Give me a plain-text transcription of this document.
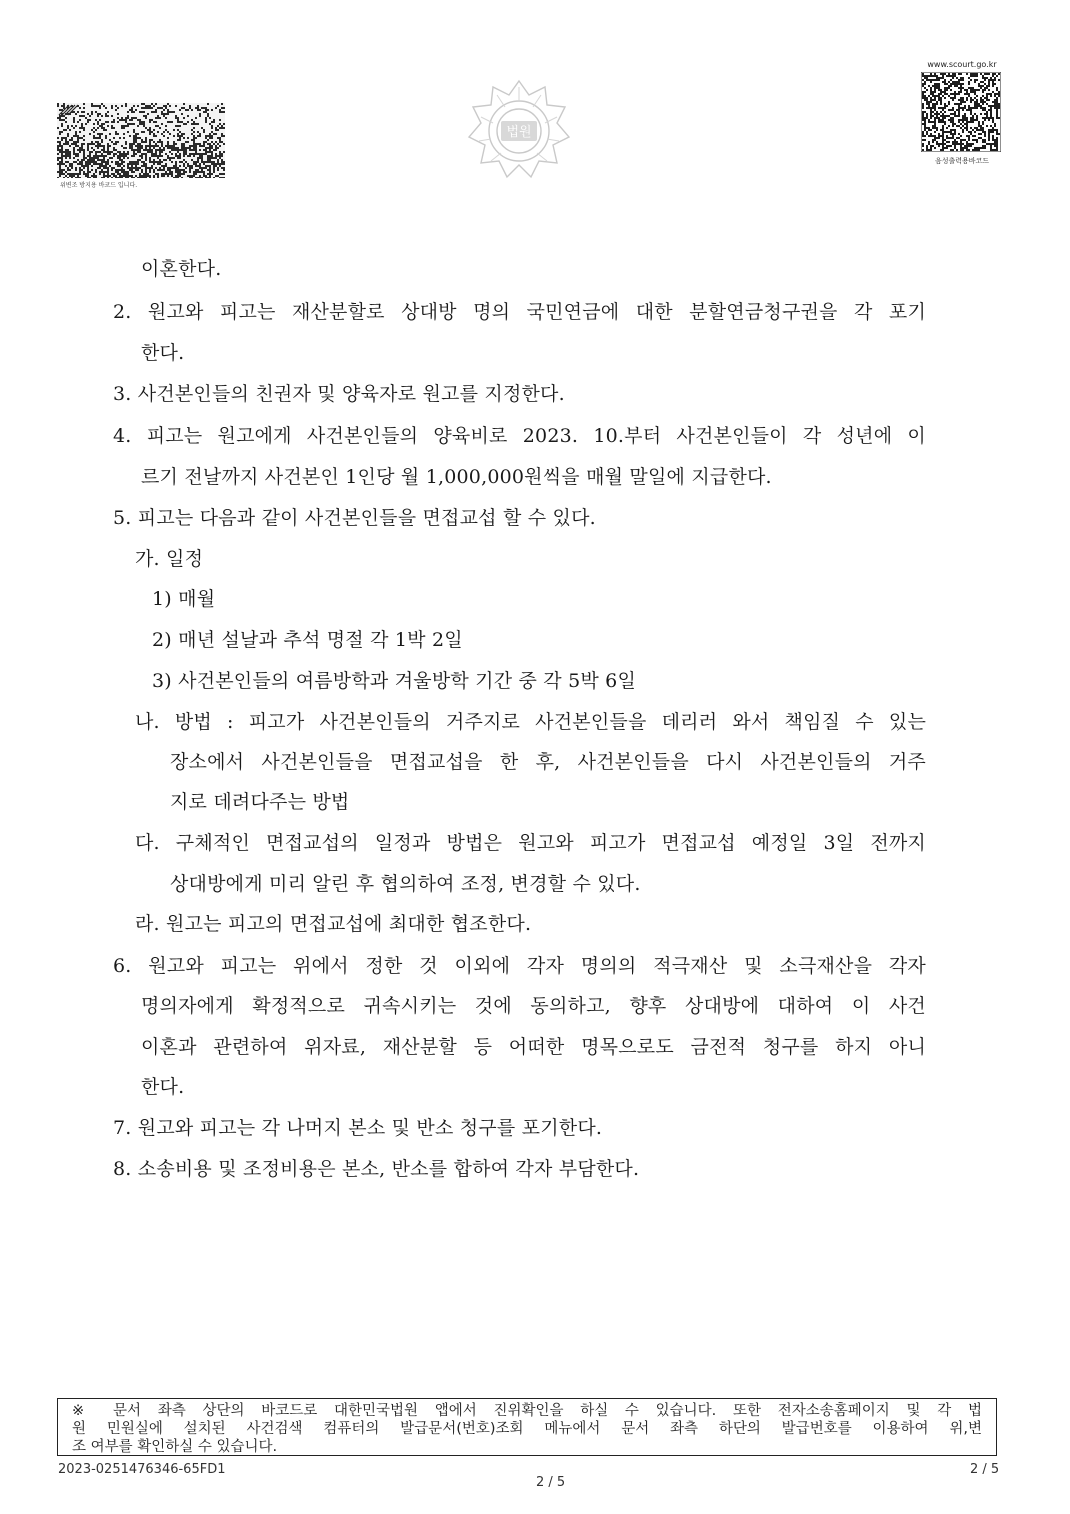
위변조 방지용 바코드 입니다.
법원
www.scourt.go.kr
음성출력용바코드
이혼한다.
2. 원고와 피고는 재산분할로 상대방 명의 국민연금에 대한 분할연금청구권을 각 포기
한다.
3. 사건본인들의 친권자 및 양육자로 원고를 지정한다.
4. 피고는 원고에게 사건본인들의 양육비로 2023. 10.부터 사건본인들이 각 성년에 이
르기 전날까지 사건본인 1인당 월 1,000,000원씩을 매월 말일에 지급한다.
5. 피고는 다음과 같이 사건본인들을 면접교섭 할 수 있다.
가. 일정
1) 매월
2) 매년 설날과 추석 명절 각 1박 2일
3) 사건본인들의 여름방학과 겨울방학 기간 중 각 5박 6일
나. 방법 : 피고가 사건본인들의 거주지로 사건본인들을 데리러 와서 책임질 수 있는
장소에서 사건본인들을 면접교섭을 한 후, 사건본인들을 다시 사건본인들의 거주
지로 데려다주는 방법
다. 구체적인 면접교섭의 일정과 방법은 원고와 피고가 면접교섭 예정일 3일 전까지
상대방에게 미리 알린 후 협의하여 조정, 변경할 수 있다.
라. 원고는 피고의 면접교섭에 최대한 협조한다.
6. 원고와 피고는 위에서 정한 것 이외에 각자 명의의 적극재산 및 소극재산을 각자
명의자에게 확정적으로 귀속시키는 것에 동의하고, 향후 상대방에 대하여 이 사건
이혼과 관련하여 위자료, 재산분할 등 어떠한 명목으로도 금전적 청구를 하지 아니
한다.
7. 원고와 피고는 각 나머지 본소 및 반소 청구를 포기한다.
8. 소송비용 및 조정비용은 본소, 반소를 합하여 각자 부담한다.
※ 문서 좌측 상단의 바코드로 대한민국법원 앱에서 진위확인을 하실 수 있습니다. 또한 전자소송홈페이지 및 각 법
원 민원실에 설치된 사건검색 컴퓨터의 발급문서(번호)조회 메뉴에서 문서 좌측 하단의 발급번호를 이용하여 위,변
조 여부를 확인하실 수 있습니다.
2023-0251476346-65FD1
2 / 5
2 / 5
